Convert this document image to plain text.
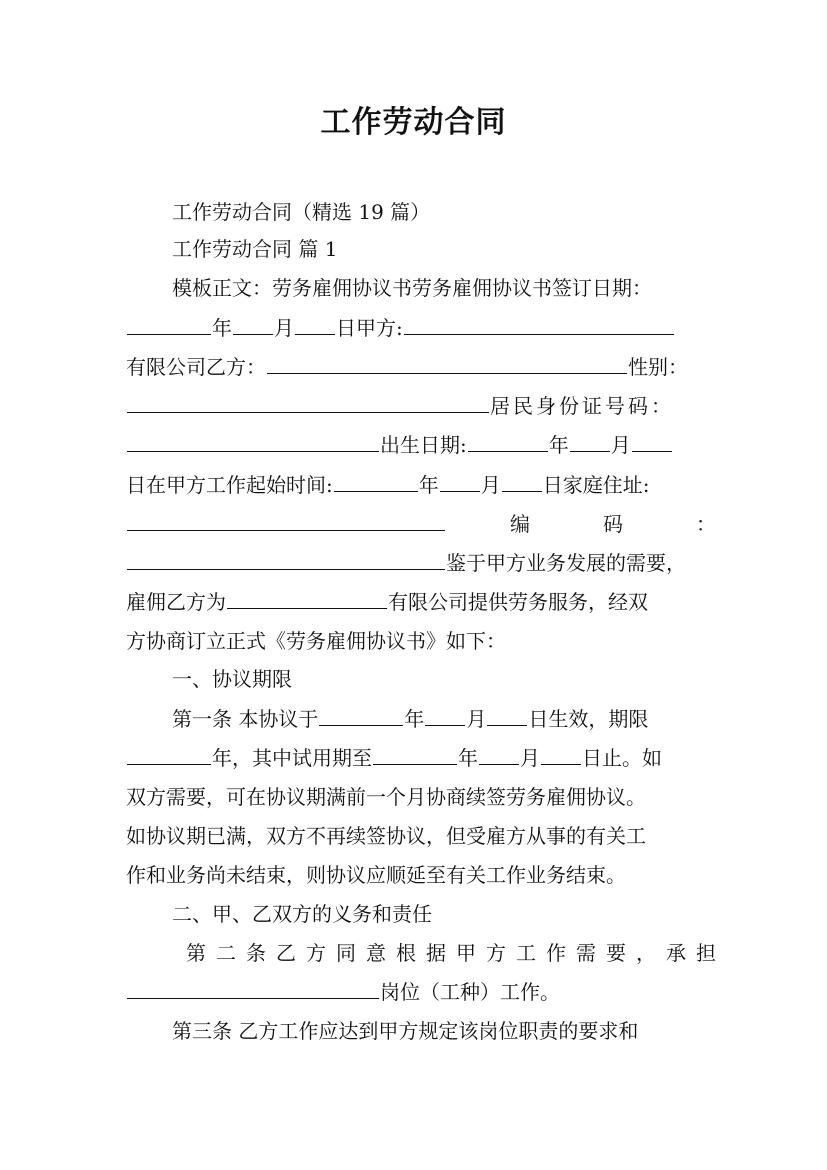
工作劳动合同
工作劳动合同（精选 19 篇）
工作劳动合同 篇 1
模板正文：劳务雇佣协议书劳务雇佣协议书签订日期：
年 月 日甲方:
有限公司乙方：	性别：
居民身份证号码：
出生日期:	年 月
日在甲方工作起始时间:	年 月 日家庭住址:
编	码	：
鉴于甲方业务发展的需要，
雇佣乙方为	有限公司提供劳务服务，经双
方协商订立正式《劳务雇佣协议书》如下：
一、协议期限
第一条 本协议于	年 月 日生效，期限
年，其中试用期至	年 月 日止。如
双方需要，可在协议期满前一个月协商续签劳务雇佣协议。
如协议期已满，双方不再续签协议，但受雇方从事的有关工
作和业务尚未结束，则协议应顺延至有关工作业务结束。
二、甲、乙双方的义务和责任
第 二 条 乙 方 同 意 根 据 甲 方 工 作 需 要 ， 承 担
岗位（工种）工作。
第三条 乙方工作应达到甲方规定该岗位职责的要求和
